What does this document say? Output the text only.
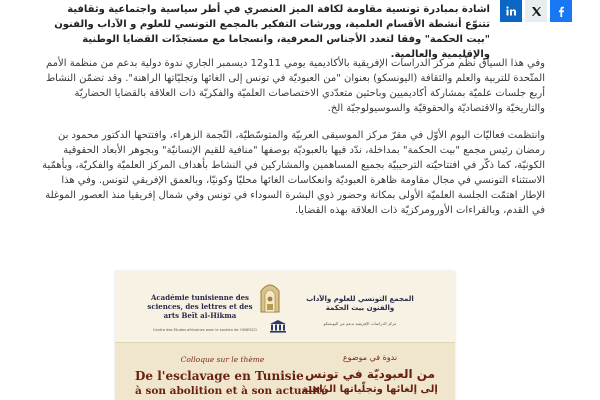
اشادة بمبادرة تونسية مقاومة لكافة الميز العنصري في أطر سياسية واجتماعية وثقافية تتنوّع أنشطة الأقسام العلمية، وورشات التفكير بالمجمع التونسي للعلوم و الآداب والفنون "بيت الحكمة" وفقا لتعدد الأجناس المعرفية، وانسجاما مع مستجدّات القضايا الوطنية والإقليمية والعالمية.
وفي هذا السياق نظّم مركز الدراسات الإفريقية بالأكاديمية يومي 11و12 ديسمبر الجاري ندوة دولية بدعم من منظمة الأمم المتّحدة للتربية والعلم والثقافة (اليونسكو) بعنوان "من العبوديّة في تونس إلى الغائها وتجليّاتها الراهنة". وقد تضمّن النشاط أربع جلسات علميّة بمشاركة أكاديميين وباحثين متعدّدي الاختصاصات العلميّة والفكريّة ذات العلاقة بالقضايا الحضاريّة والتاريخيّة والاقتصاديّة والحقوقيّة والسوسيولوجيّة الخ.
وانتظمت فعاليّات اليوم الأوّل في مقرّ مركز الموسيقى العربيّة والمتوسّطيّة، النّجمة الزهراء، وافتتحها الدكتور محمود بن رمضان رئيس مجمع "بيت الحكمة" بمداخلة، ندّد فيها بالعبوديّة بوصفها "منافية للقيم الإنسانيّة" وبجوهر الأبعاد الحقوقية الكونيّة، كما ذكّر في افتتاحيّته الترحيبيّة بجميع المساهمين والمشاركين في النشاط بأهداف المركز العلميّة والفكريّة، وبأهمّية الاستثناء التونسي في مجال مقاومة ظاهرة العبوديّة وانعكاسات الغائها محليّا وكونيّا، وبالعمق الإفريقي لتونس. وفي هذا الإطار اهتمّت الجلسة العلميّة الأولى بمكانة وحضور ذوي البشرة السوداء في تونس وفي شمال إفريقيا منذ العصور الموغلة في القدم، وبالقراءات الأورومركزيّة ذات العلاقة بهذه القضايا.
Académie tunisienne des sciences, des lettres et des arts Beït al-Hikma
Centre des Études africaines avec le soutien de l'UNESCO
المجمع التونسي للعلوم والآداب والفنون بيت الحكمة
مركز الدراسات الإفريقية بدعم من اليونسكو
Colloque sur le thème
De l'esclavage en Tunisie
à son abolition et à son actualité
ندوة في موضوع
من العبوديّة في تونس
إلى إلغائها وتجلّياتها الراهنة
